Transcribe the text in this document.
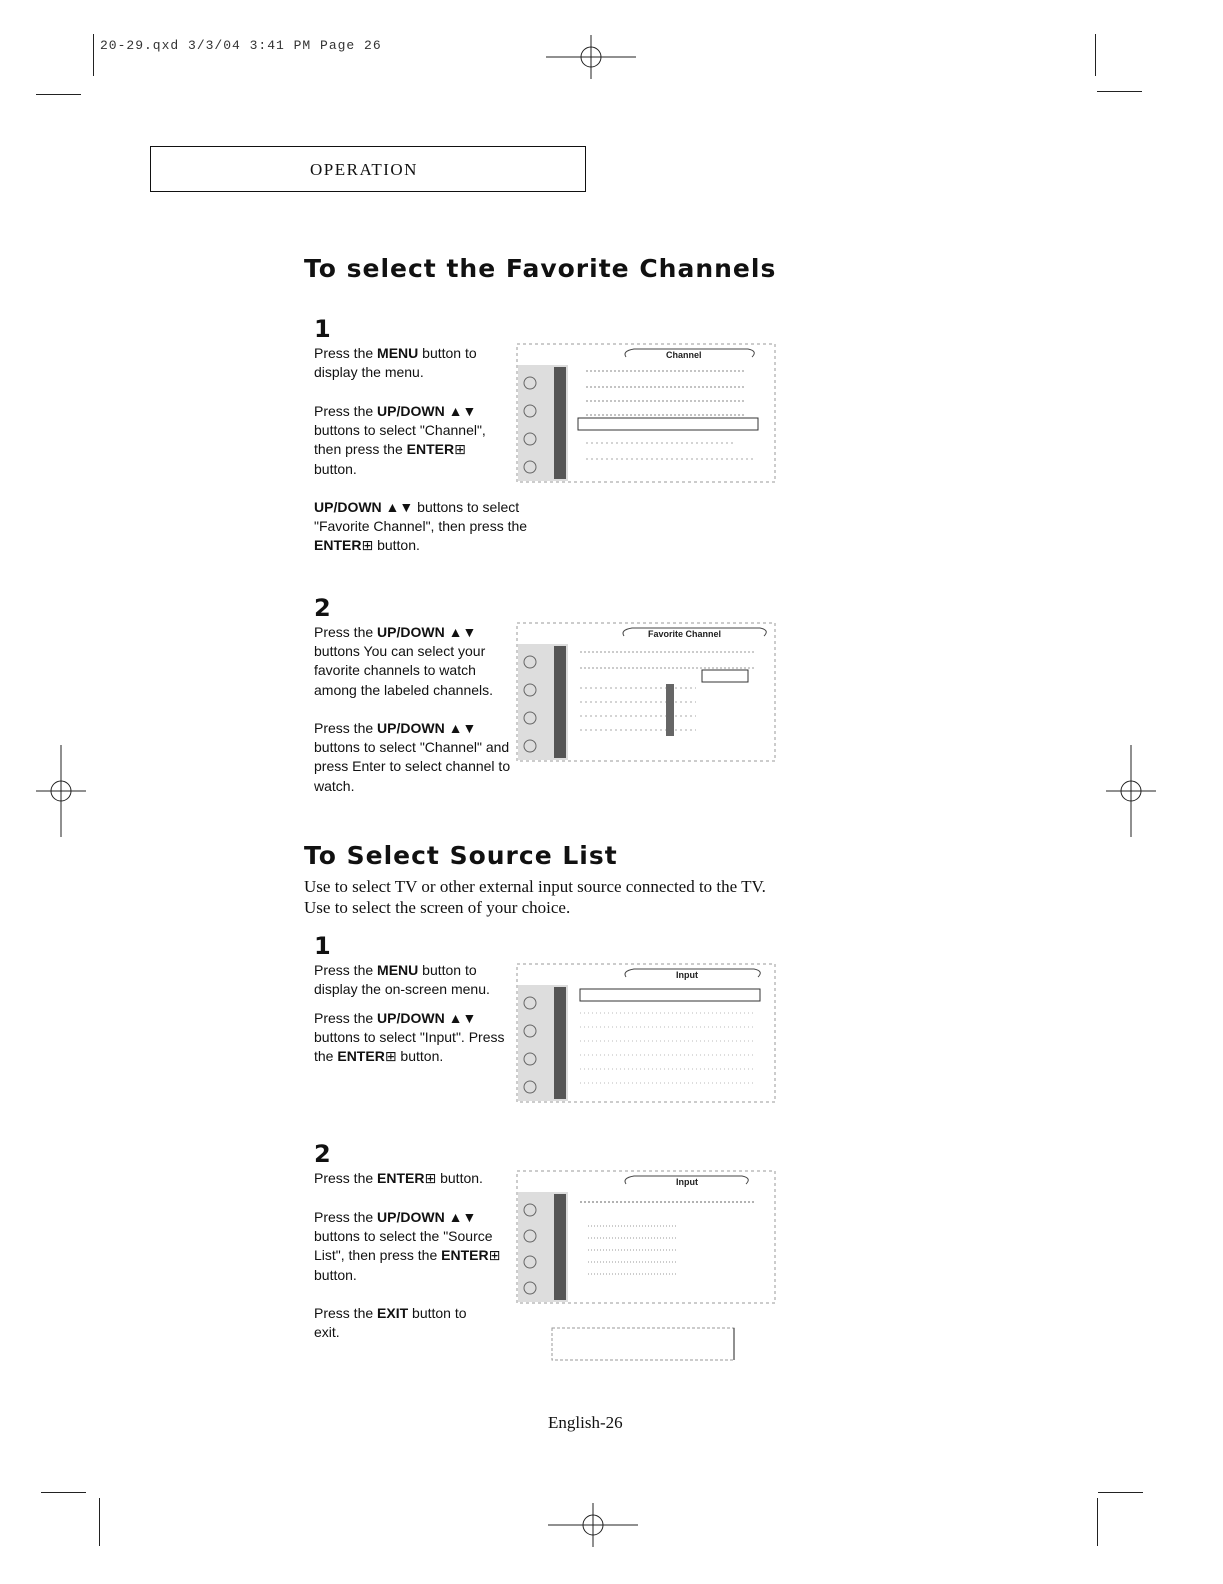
20-29.qxd 3/3/04 3:41 PM Page 26
OPERATION
To select the Favorite Channels
1
Press the MENU button to display the menu.
Press the UP/DOWN ▲▼ buttons to select "Channel", then press the ENTER⊞ button.
UP/DOWN ▲▼ buttons to select "Favorite Channel", then press the ENTER⊞ button.
Channel
2
Press the UP/DOWN ▲▼ buttons You can select your favorite channels to watch among the labeled channels.
Press the UP/DOWN ▲▼ buttons to select "Channel" and press Enter to select channel to watch.
Favorite Channel
To Select Source List
Use to select TV or other external input source connected to the TV.
Use to select the screen of your choice.
1
Press the MENU button to display the on-screen menu.
Press the UP/DOWN ▲▼ buttons to select "Input". Press the ENTER⊞ button.
Input
2
Press the ENTER⊞ button.
Press the UP/DOWN ▲▼ buttons to select the "Source List", then press the ENTER⊞ button.
Press the EXIT button to exit.
Input
English-26
